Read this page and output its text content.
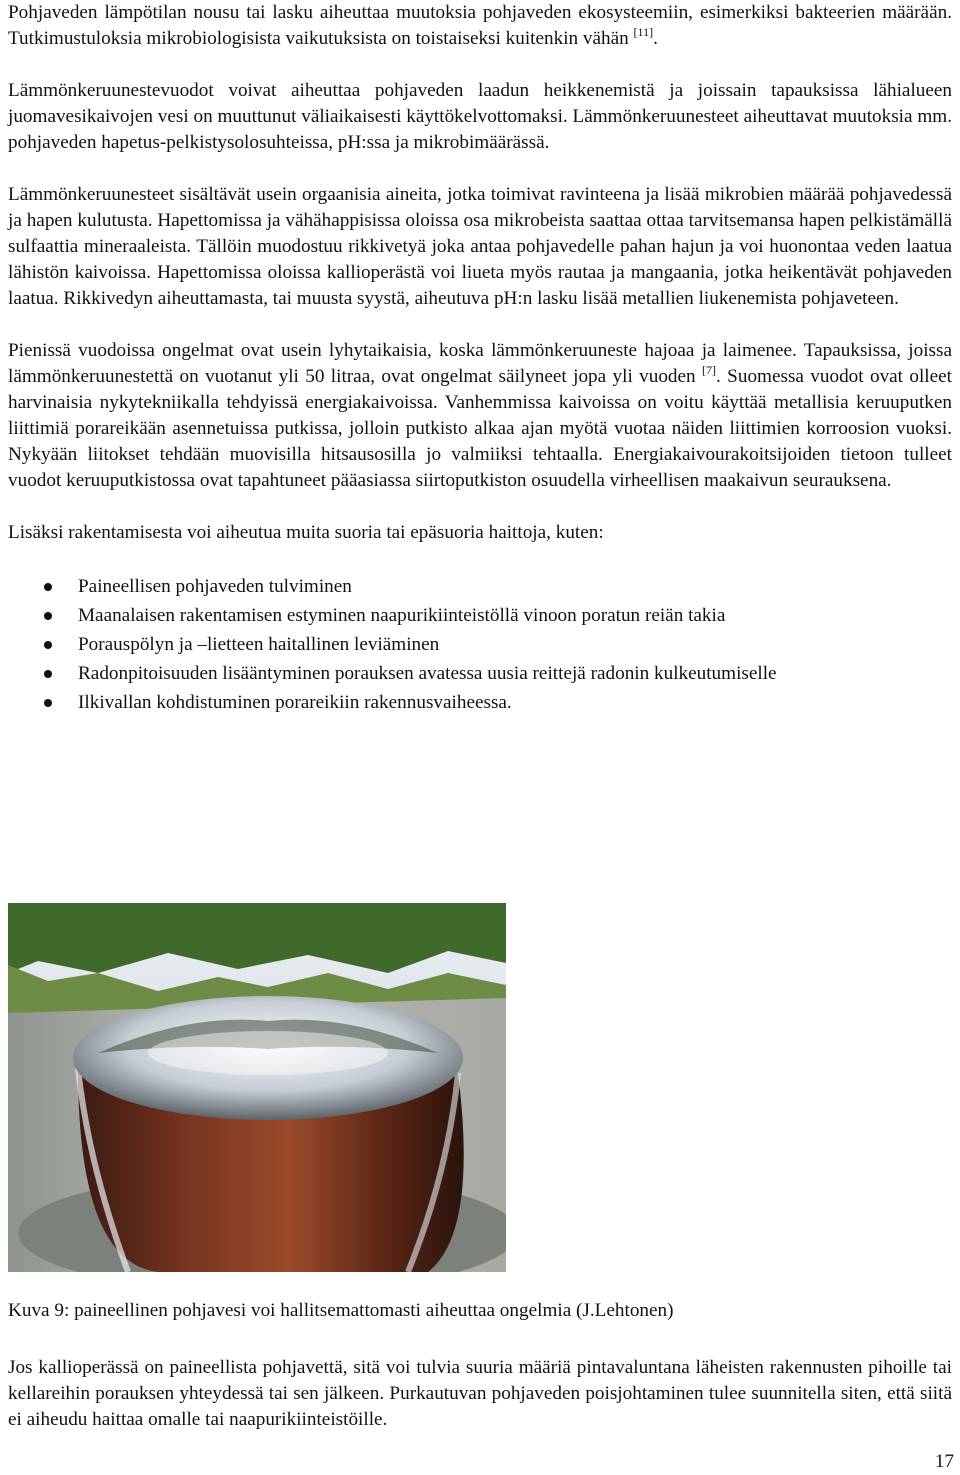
Pohjaveden lämpötilan nousu tai lasku aiheuttaa muutoksia pohjaveden ekosysteemiin, esimerkiksi bakteerien määrään. Tutkimustuloksia mikrobiologisista vaikutuksista on toistaiseksi kuitenkin vähän [11].

Lämmönkeruunestevuodot voivat aiheuttaa pohjaveden laadun heikkenemistä ja joissain tapauksissa lähialueen juomavesikaivojen vesi on muuttunut väliaikaisesti käyttökelvottomaksi. Lämmönkeruunesteet aiheuttavat muutoksia mm. pohjaveden hapetus-pelkistysolosuhteissa, pH:ssa ja mikrobimäärässä.

Lämmönkeruunesteet sisältävät usein orgaanisia aineita, jotka toimivat ravinteena ja lisää mikrobien määrää pohjavedessä ja hapen kulutusta. Hapettomissa ja vähähappisissa oloissa osa mikrobeista saattaa ottaa tarvitsemansa hapen pelkistämällä sulfaattia mineraaleista. Tällöin muodostuu rikkivetyä joka antaa pohjavedelle pahan hajun ja voi huonontaa veden laatua lähistön kaivoissa. Hapettomissa oloissa kallioperästä voi liueta myös rautaa ja mangaania, jotka heikentävät pohjaveden laatua. Rikkivedyn aiheuttamasta, tai muusta syystä, aiheutuva pH:n lasku lisää metallien liukenemista pohjaveteen.

Pienissä vuodoissa ongelmat ovat usein lyhytaikaisia, koska lämmönkeruuneste hajoaa ja laimenee. Tapauksissa, joissa lämmönkeruunestettä on vuotanut yli 50 litraa, ovat ongelmat säilyneet jopa yli vuoden [7]. Suomessa vuodot ovat olleet harvinaisia nykytekniikalla tehdyissä energiakaivoissa. Vanhemmissa kaivoissa on voitu käyttää metallisia keruuputken liittimiä porareikään asennetuissa putkissa, jolloin putkisto alkaa ajan myötä vuotaa näiden liittimien korroosion vuoksi. Nykyään liitokset tehdään muovisilla hitsausosilla jo valmiiksi tehtaalla. Energiakaivourakoitsijoiden tietoon tulleet vuodot keruuputkistossa ovat tapahtuneet pääasiassa siirtoputkiston osuudella virheellisen maakaivun seurauksena.

Lisäksi rakentamisesta voi aiheutua muita suoria tai epäsuoria haittoja, kuten:

Paineellisen pohjaveden tulviminen
Maanalaisen rakentamisen estyminen naapurikiinteistöllä vinoon poratun reiän takia
Porauspölyn ja –lietteen haitallinen leviäminen
Radonpitoisuuden lisääntyminen porauksen avatessa uusia reittejä radonin kulkeutumiselle
Ilkivallan kohdistuminen porareikiin rakennusvaiheessa.

Kuva 9: paineellinen pohjavesi voi hallitsemattomasti aiheuttaa ongelmia (J.Lehtonen)

Jos kallioperässä on paineellista pohjavettä, sitä voi tulvia suuria määriä pintavaluntana läheisten rakennusten pihoille tai kellareihin porauksen yhteydessä tai sen jälkeen. Purkautuvan pohjaveden poisjohtaminen tulee suunnitella siten, että siitä ei aiheudu haittaa omalle tai naapurikiinteistöille.

17
